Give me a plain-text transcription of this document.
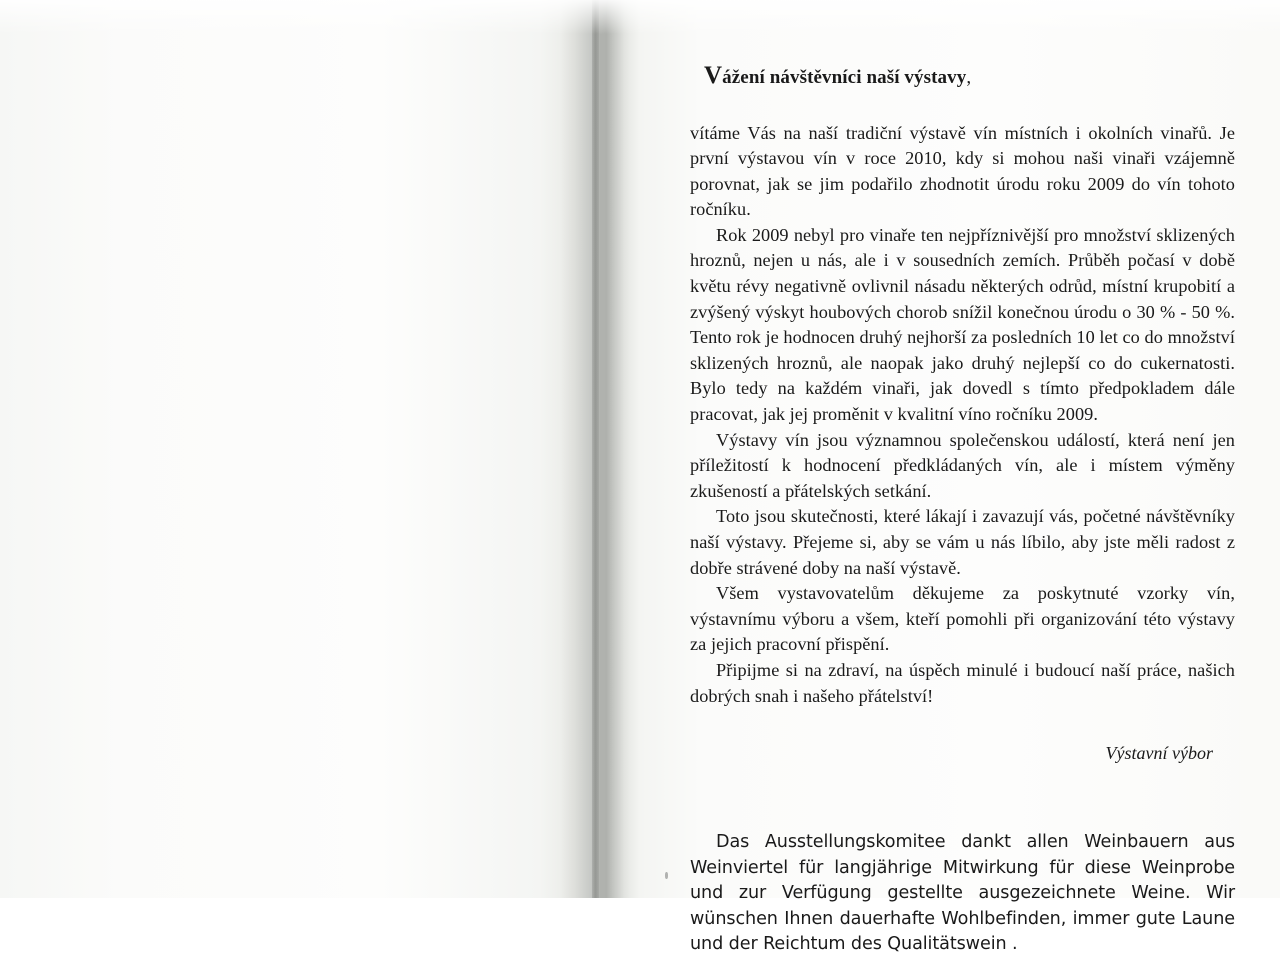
Vážení návštěvníci naší výstavy,

vítáme Vás na naší tradiční výstavě vín místních i okolních vinařů. Je první výstavou vín v roce 2010, kdy si mohou naši vinaři vzájemně porovnat, jak se jim podařilo zhodnotit úrodu roku 2009 do vín tohoto ročníku.

Rok 2009 nebyl pro vinaře ten nejpříznivější pro množství sklizených hroznů, nejen u nás, ale i v sousedních zemích. Průběh počasí v době květu révy negativně ovlivnil násadu některých odrůd, místní krupobití a zvýšený výskyt houbových chorob snížil konečnou úrodu o 30 % - 50 %. Tento rok je hodnocen druhý nejhorší za posledních 10 let co do množství sklizených hroznů, ale naopak jako druhý nejlepší co do cukernatosti. Bylo tedy na každém vinaři, jak dovedl s tímto předpokladem dále pracovat, jak jej proměnit v kvalitní víno ročníku 2009.

Výstavy vín jsou významnou společenskou událostí, která není jen příležitostí k hodnocení předkládaných vín, ale i místem výměny zkušeností a přátelských setkání.

Toto jsou skutečnosti, které lákají i zavazují vás, početné návštěvníky naší výstavy. Přejeme si, aby se vám u nás líbilo, aby jste měli radost z dobře strávené doby na naší výstavě.

Všem vystavovatelům děkujeme za poskytnuté vzorky vín, výstavnímu výboru a všem, kteří pomohli při organizování této výstavy za jejich pracovní přispění.

Připijme si na zdraví, na úspěch minulé i budoucí naší práce, našich dobrých snah i našeho přátelství!

Výstavní výbor

Das Ausstellungskomitee dankt allen Weinbauern aus Weinviertel für langjährige Mitwirkung für diese Weinprobe und zur Verfügung gestellte ausgezeichnete Weine. Wir wünschen Ihnen dauerhafte Wohlbefinden, immer gute Laune und der Reichtum des Qualitätswein .
